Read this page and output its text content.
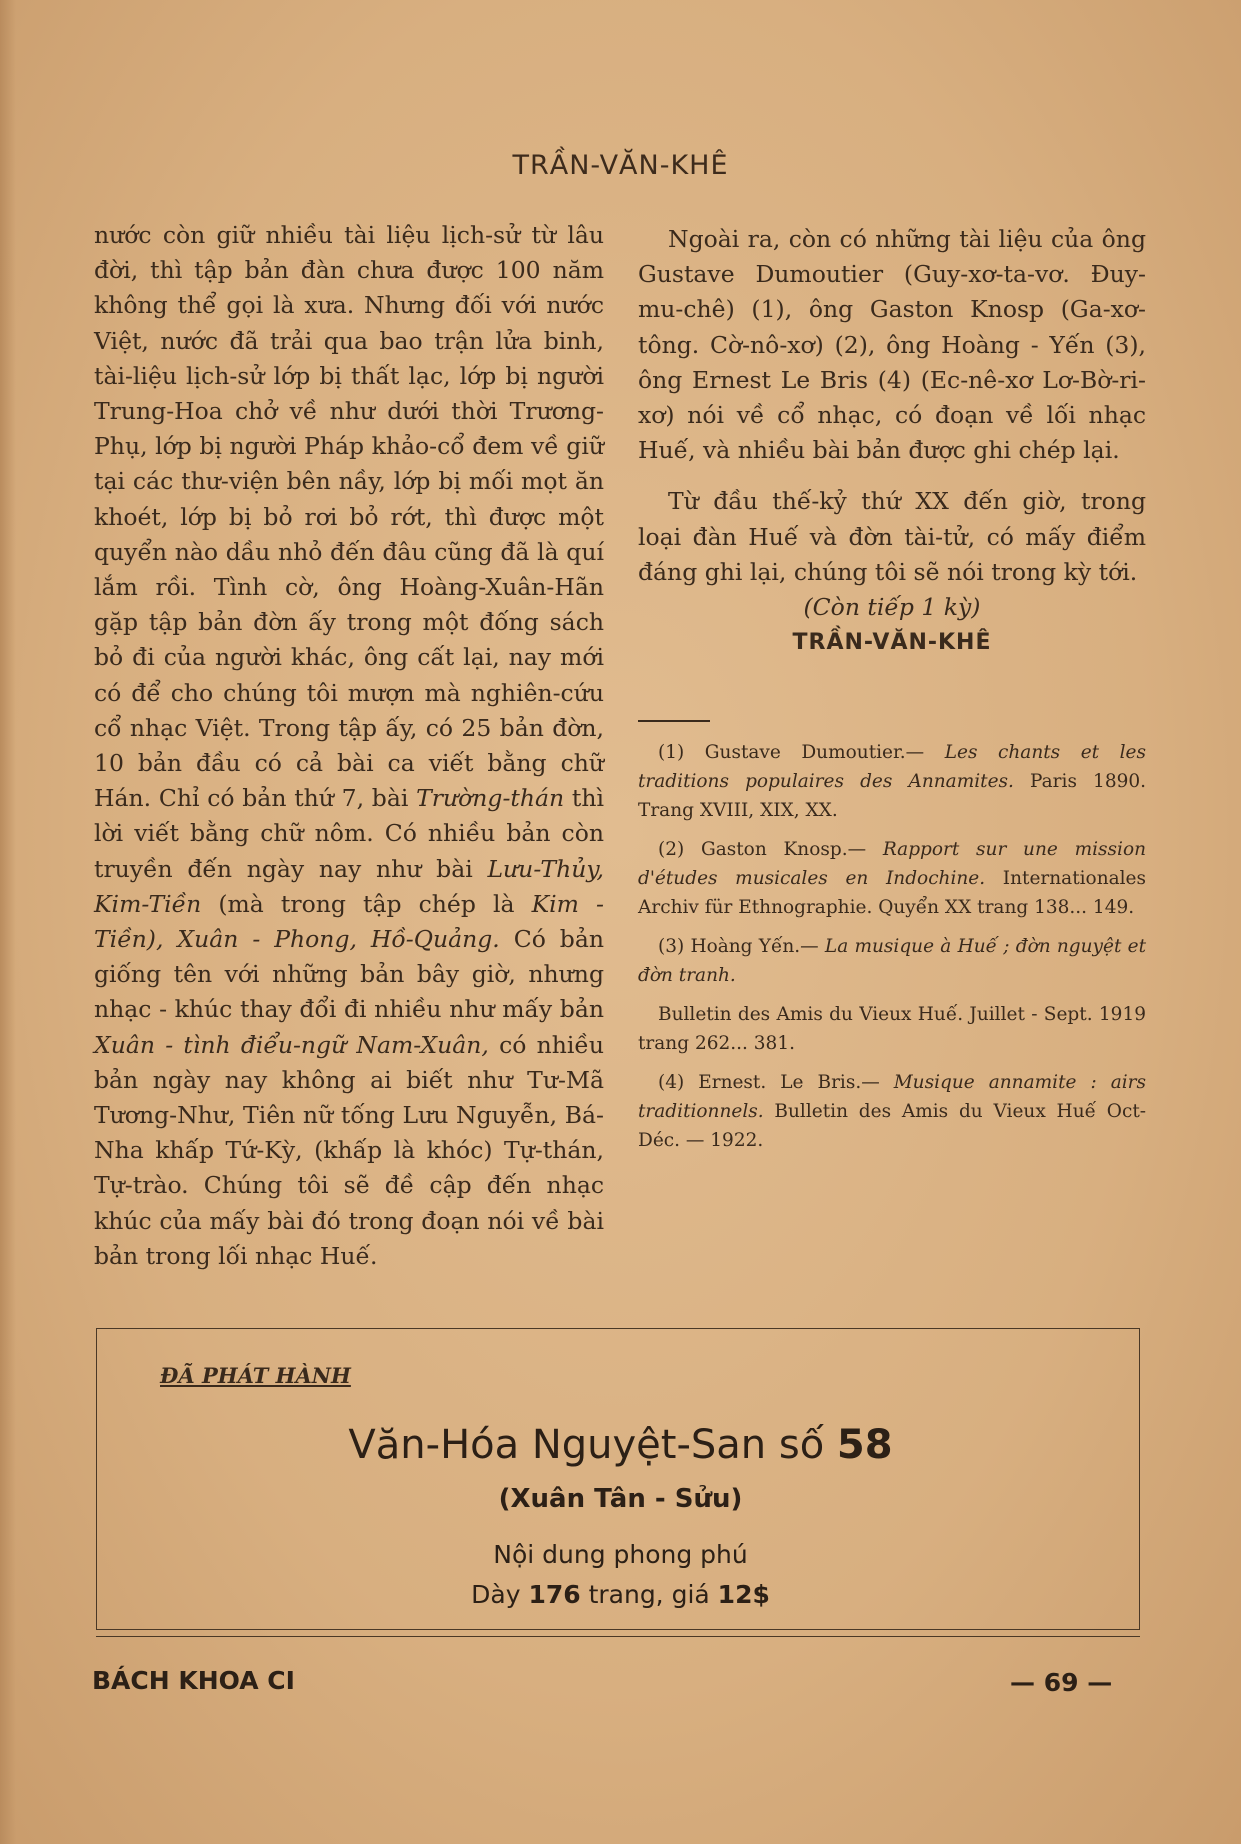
TRẦN-VĂN-KHÊ

nước còn giữ nhiều tài liệu lịch-sử từ lâu đời, thì tập bản đàn chưa được 100 năm không thể gọi là xưa. Nhưng đối với nước Việt, nước đã trải qua bao trận lửa binh, tài-liệu lịch-sử lớp bị thất lạc, lớp bị người Trung-Hoa chở về như dưới thời Trương-Phụ, lớp bị người Pháp khảo-cổ đem về giữ tại các thư-viện bên nầy, lớp bị mối mọt ăn khoét, lớp bị bỏ rơi bỏ rớt, thì được một quyển nào dầu nhỏ đến đâu cũng đã là quí lắm rồi. Tình cờ, ông Hoàng-Xuân-Hãn gặp tập bản đờn ấy trong một đống sách bỏ đi của người khác, ông cất lại, nay mới có để cho chúng tôi mượn mà nghiên-cứu cổ nhạc Việt. Trong tập ấy, có 25 bản đờn, 10 bản đầu có cả bài ca viết bằng chữ Hán. Chỉ có bản thứ 7, bài Trường-thán thì lời viết bằng chữ nôm. Có nhiều bản còn truyền đến ngày nay như bài Lưu-Thủy, Kim-Tiền (mà trong tập chép là Kim - Tiền), Xuân - Phong, Hồ-Quảng. Có bản giống tên với những bản bây giờ, nhưng nhạc - khúc thay đổi đi nhiều như mấy bản Xuân - tình điểu-ngữ Nam-Xuân, có nhiều bản ngày nay không ai biết như Tư-Mã Tương-Như, Tiên nữ tống Lưu Nguyễn, Bá-Nha khấp Tứ-Kỳ, (khấp là khóc) Tự-thán, Tự-trào. Chúng tôi sẽ đề cập đến nhạc khúc của mấy bài đó trong đoạn nói về bài bản trong lối nhạc Huế.

Ngoài ra, còn có những tài liệu của ông Gustave Dumoutier (Guy-xơ-ta-vơ. Đuy-mu-chê) (1), ông Gaston Knosp (Ga-xơ-tông. Cờ-nô-xơ) (2), ông Hoàng - Yến (3), ông Ernest Le Bris (4) (Ec-nê-xơ Lơ-Bờ-ri-xơ) nói về cổ nhạc, có đoạn về lối nhạc Huế, và nhiều bài bản được ghi chép lại.

Từ đầu thế-kỷ thứ XX đến giờ, trong loại đàn Huế và đờn tài-tử, có mấy điểm đáng ghi lại, chúng tôi sẽ nói trong kỳ tới.

(Còn tiếp 1 kỳ)

TRẦN-VĂN-KHÊ

(1) Gustave Dumoutier.— Les chants et les traditions populaires des Annamites. Paris 1890. Trang XVIII, XIX, XX.

(2) Gaston Knosp.— Rapport sur une mission d'études musicales en Indochine. Internationales Archiv für Ethnographie. Quyển XX trang 138... 149.

(3) Hoàng Yến.— La musique à Huế ; đờn nguyệt et đờn tranh.

Bulletin des Amis du Vieux Huế. Juillet - Sept. 1919 trang 262... 381.

(4) Ernest. Le Bris.— Musique annamite : airs traditionnels. Bulletin des Amis du Vieux Huế Oct-Déc. — 1922.

ĐÃ PHÁT HÀNH
Văn-Hóa Nguyệt-San số 58
(Xuân Tân - Sửu)
Nội dung phong phú
Dày 176 trang, giá 12$
BÁCH KHOA CI	— 69 —
